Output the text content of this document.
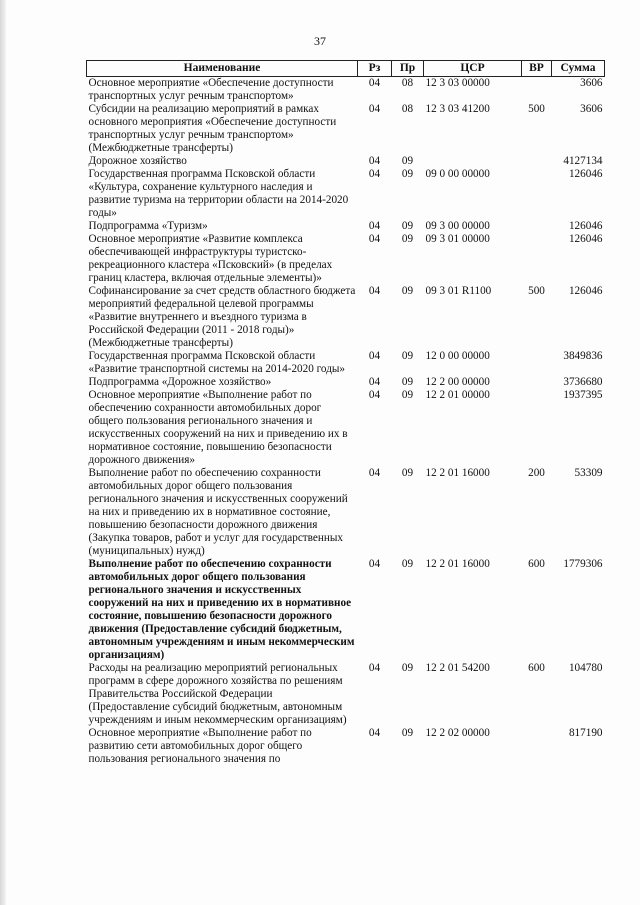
37
Наименование	Рз	Пр	ЦСР	ВР	Сумма
Основное мероприятие «Обеспечение доступности транспортных услуг речным транспортом»	04	08	12 3 03 00000		3606
Субсидии на реализацию мероприятий в рамках основного мероприятия «Обеспечение доступности транспортных услуг речным транспортом» (Межбюджетные трансферты)	04	08	12 3 03 41200	500	3606
Дорожное хозяйство	04	09			4127134
Государственная программа Псковской области «Культура, сохранение культурного наследия и развитие туризма на территории области на 2014-2020 годы»	04	09	09 0 00 00000		126046
Подпрограмма «Туризм»	04	09	09 3 00 00000		126046
Основное мероприятие «Развитие комплекса обеспечивающей инфраструктуры туристско-рекреационного кластера «Псковский» (в пределах границ кластера, включая отдельные элементы)»	04	09	09 3 01 00000		126046
Софинансирование за счет средств областного бюджета мероприятий федеральной целевой программы «Развитие внутреннего и въездного туризма в Российской Федерации (2011 - 2018 годы)» (Межбюджетные трансферты)	04	09	09 3 01 R1100	500	126046
Государственная программа Псковской области «Развитие транспортной системы на 2014-2020 годы»	04	09	12 0 00 00000		3849836
Подпрограмма «Дорожное хозяйство»	04	09	12 2 00 00000		3736680
Основное мероприятие «Выполнение работ по обеспечению сохранности автомобильных дорог общего пользования регионального значения и искусственных сооружений на них и приведению их в нормативное состояние, повышению безопасности дорожного движения»	04	09	12 2 01 00000		1937395
Выполнение работ по обеспечению сохранности автомобильных дорог общего пользования регионального значения и искусственных сооружений на них и приведению их в нормативное состояние, повышению безопасности дорожного движения (Закупка товаров, работ и услуг для государственных (муниципальных) нужд)	04	09	12 2 01 16000	200	53309
Выполнение работ по обеспечению сохранности автомобильных дорог общего пользования регионального значения и искусственных сооружений на них и приведению их в нормативное состояние, повышению безопасности дорожного движения (Предоставление субсидий бюджетным, автономным учреждениям и иным некоммерческим организациям)	04	09	12 2 01 16000	600	1779306
Расходы на реализацию мероприятий региональных программ в сфере дорожного хозяйства по решениям Правительства Российской Федерации (Предоставление субсидий бюджетным, автономным учреждениям и иным некоммерческим организациям)	04	09	12 2 01 54200	600	104780
Основное мероприятие «Выполнение работ по развитию сети автомобильных дорог общего пользования регионального значения по	04	09	12 2 02 00000		817190
